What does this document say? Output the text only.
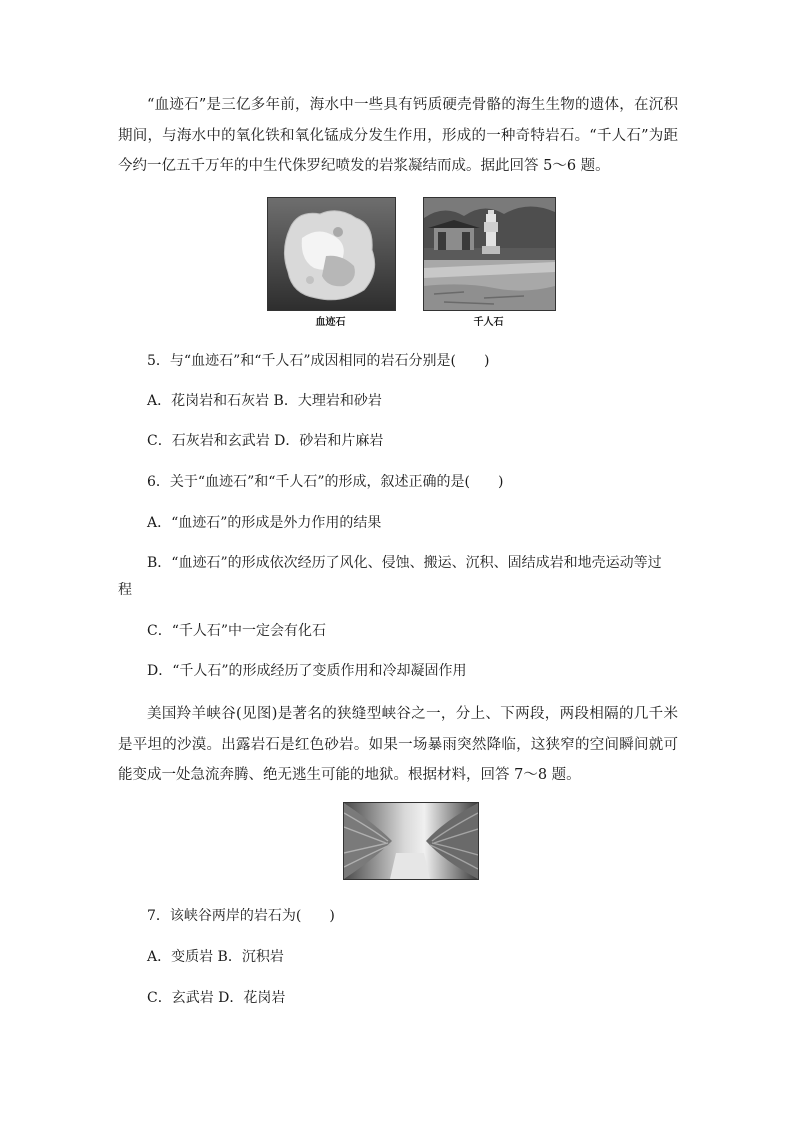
“血迹石”是三亿多年前，海水中一些具有钙质硬壳骨骼的海生生物的遗体，在沉积期间，与海水中的氧化铁和氧化锰成分发生作用，形成的一种奇特岩石。“千人石”为距今约一亿五千万年的中生代侏罗纪喷发的岩浆凝结而成。据此回答 5～6 题。

血迹石	千人石

5．与“血迹石”和“千人石”成因相同的岩石分别是(　　)

A．花岗岩和石灰岩 B．大理岩和砂岩

C．石灰岩和玄武岩 D．砂岩和片麻岩

6．关于“血迹石”和“千人石”的形成，叙述正确的是(　　)

A．“血迹石”的形成是外力作用的结果

B．“血迹石”的形成依次经历了风化、侵蚀、搬运、沉积、固结成岩和地壳运动等过

程

C．“千人石”中一定会有化石

D．“千人石”的形成经历了变质作用和冷却凝固作用

美国羚羊峡谷(见图)是著名的狭缝型峡谷之一，分上、下两段，两段相隔的几千米是平坦的沙漠。出露岩石是红色砂岩。如果一场暴雨突然降临，这狭窄的空间瞬间就可能变成一处急流奔腾、绝无逃生可能的地狱。根据材料，回答 7～8 题。

7．该峡谷两岸的岩石为(　　)

A．变质岩 B．沉积岩

C．玄武岩 D．花岗岩
